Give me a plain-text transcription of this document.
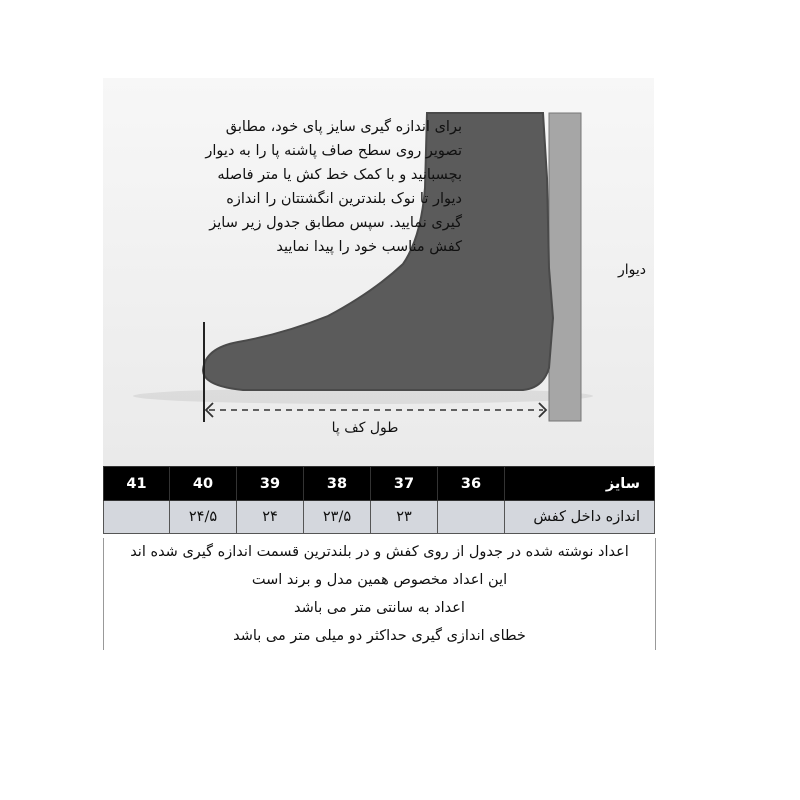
برای اندازه گیری سایز پای خود، مطابق
تصویر روی سطح صاف پاشنه پا را به دیوار
بچسبانید و با کمک خط کش یا متر فاصله
دیوار تا نوک بلندترین انگشتتان را اندازه
گیری نمایید. سپس مطابق جدول زیر سایز
کفش مناسب خود را پیدا نمایید
دیوار
طول کف پا
41	40	39	38	37	36	سایز
	۲۴/۵	۲۴	۲۳/۵	۲۳		اندازه داخل کفش
اعداد نوشته شده در جدول از روی کفش و در بلندترین قسمت اندازه گیری شده اند
این اعداد مخصوص همین مدل و برند است
اعداد به سانتی متر می باشد
خطای اندازی گیری حداکثر دو میلی متر می باشد
